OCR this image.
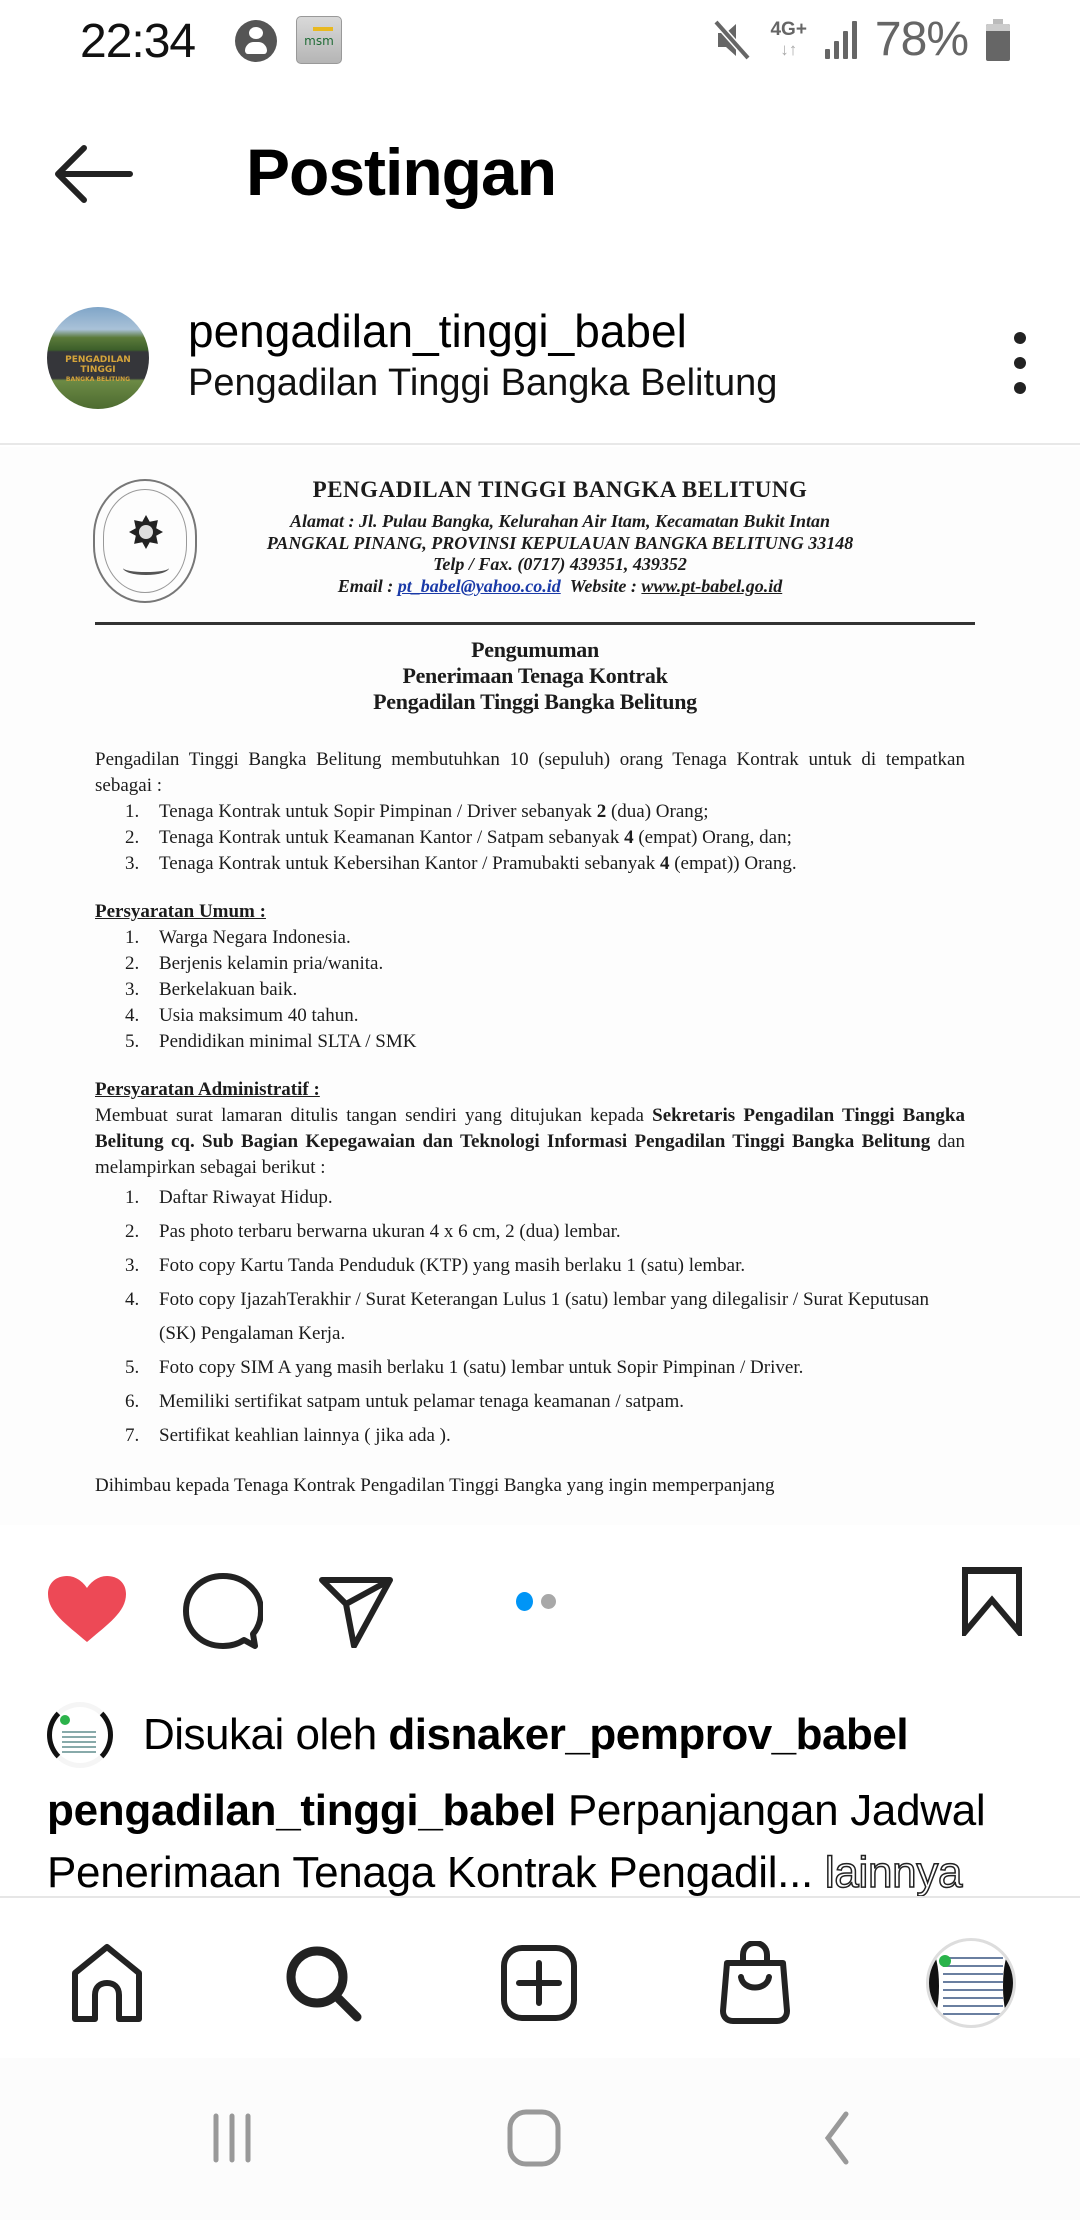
22:34	msm
4G+
↓↑ 78%
Postingan
PENGADILAN TINGGI
BANGKA BELITUNG
pengadilan_tinggi_babel
Pengadilan Tinggi Bangka Belitung
PENGADILAN TINGGI BANGKA BELITUNG
Alamat : Jl. Pulau Bangka, Kelurahan Air Itam, Kecamatan Bukit Intan
PANGKAL PINANG, PROVINSI KEPULAUAN BANGKA BELITUNG 33148
Telp / Fax. (0717) 439351, 439352
Email : pt_babel@yahoo.co.id Website : www.pt-babel.go.id
Pengumuman
Penerimaan Tenaga Kontrak
Pengadilan Tinggi Bangka Belitung

Pengadilan Tinggi Bangka Belitung membutuhkan 10 (sepuluh) orang Tenaga Kontrak untuk di tempatkan sebagai :

1.	Tenaga Kontrak untuk Sopir Pimpinan / Driver sebanyak 2 (dua) Orang;
2.	Tenaga Kontrak untuk Keamanan Kantor / Satpam sebanyak 4 (empat) Orang, dan;
3.	Tenaga Kontrak untuk Kebersihan Kantor / Pramubakti sebanyak 4 (empat)) Orang.
Persyaratan Umum :
1.	Warga Negara Indonesia.
2.	Berjenis kelamin pria/wanita.
3.	Berkelakuan baik.
4.	Usia maksimum 40 tahun.
5.	Pendidikan minimal SLTA / SMK
Persyaratan Administratif :

Membuat surat lamaran ditulis tangan sendiri yang ditujukan kepada Sekretaris Pengadilan Tinggi Bangka Belitung cq. Sub Bagian Kepegawaian dan Teknologi Informasi Pengadilan Tinggi Bangka Belitung dan melampirkan sebagai berikut :

1.	Daftar Riwayat Hidup.
2.	Pas photo terbaru berwarna ukuran 4 x 6 cm, 2 (dua) lembar.
3.	Foto copy Kartu Tanda Penduduk (KTP) yang masih berlaku 1 (satu) lembar.
4.	Foto copy IjazahTerakhir / Surat Keterangan Lulus 1 (satu) lembar yang dilegalisir / Surat Keputusan (SK) Pengalaman Kerja.
5.	Foto copy SIM A yang masih berlaku 1 (satu) lembar untuk Sopir Pimpinan / Driver.
6.	Memiliki sertifikat satpam untuk pelamar tenaga keamanan / satpam.
7.	Sertifikat keahlian lainnya ( jika ada ).

Dihimbau kepada Tenaga Kontrak Pengadilan Tinggi Bangka yang ingin memperpanjang

Disukai oleh disnaker_pemprov_babel
pengadilan_tinggi_babel Perpanjangan Jadwal Penerimaan Tenaga Kontrak Pengadil... lainnya
